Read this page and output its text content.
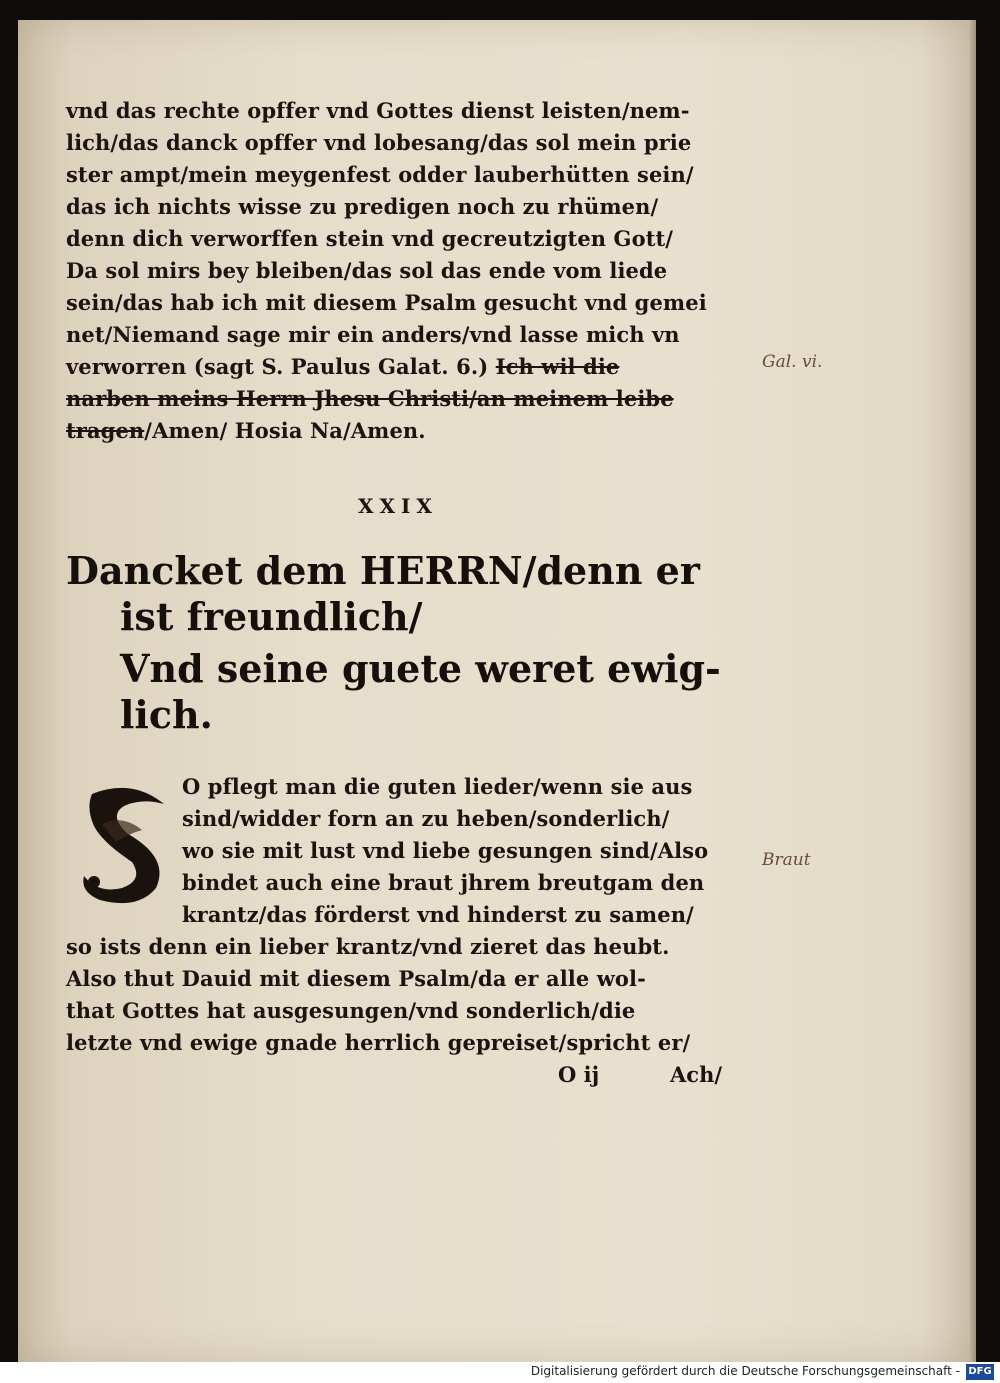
vnd das rechte opffer vnd Gottes dienst leisten/nem-
lich/das danck opffer vnd lobesang/das sol mein prie
ster ampt/mein meygenfest odder lauberhütten sein/
das ich nichts wisse zu predigen noch zu rhümen/
denn dich verworffen stein vnd gecreutzigten Gott/
Da sol mirs bey bleiben/das sol das ende vom liede
sein/das hab ich mit diesem Psalm gesucht vnd gemei
net/Niemand sage mir ein anders/vnd lasse mich vn
verworren (sagt S. Paulus Galat. 6.) Ich wil die
narben meins Herrn Jhesu Christi/an meinem leibe
tragen/Amen/ Hosia Na/Amen.
Gal. vi.
XXIX
Dancket dem HERRN/denn er
ist freundlich/
Vnd seine guete weret ewig-
lich.
O pflegt man die guten lieder/wenn sie aus
sind/widder forn an zu heben/sonderlich/
wo sie mit lust vnd liebe gesungen sind/Also
bindet auch eine braut jhrem breutgam den
krantz/das förderst vnd hinderst zu samen/
so ists denn ein lieber krantz/vnd zieret das heubt.
Also thut Dauid mit diesem Psalm/da er alle wol-
that Gottes hat ausgesungen/vnd sonderlich/die
letzte vnd ewige gnade herrlich gepreiset/spricht er/
Braut
O ij	Ach/
Digitalisierung gefördert durch die Deutsche Forschungsgemeinschaft - DFG
